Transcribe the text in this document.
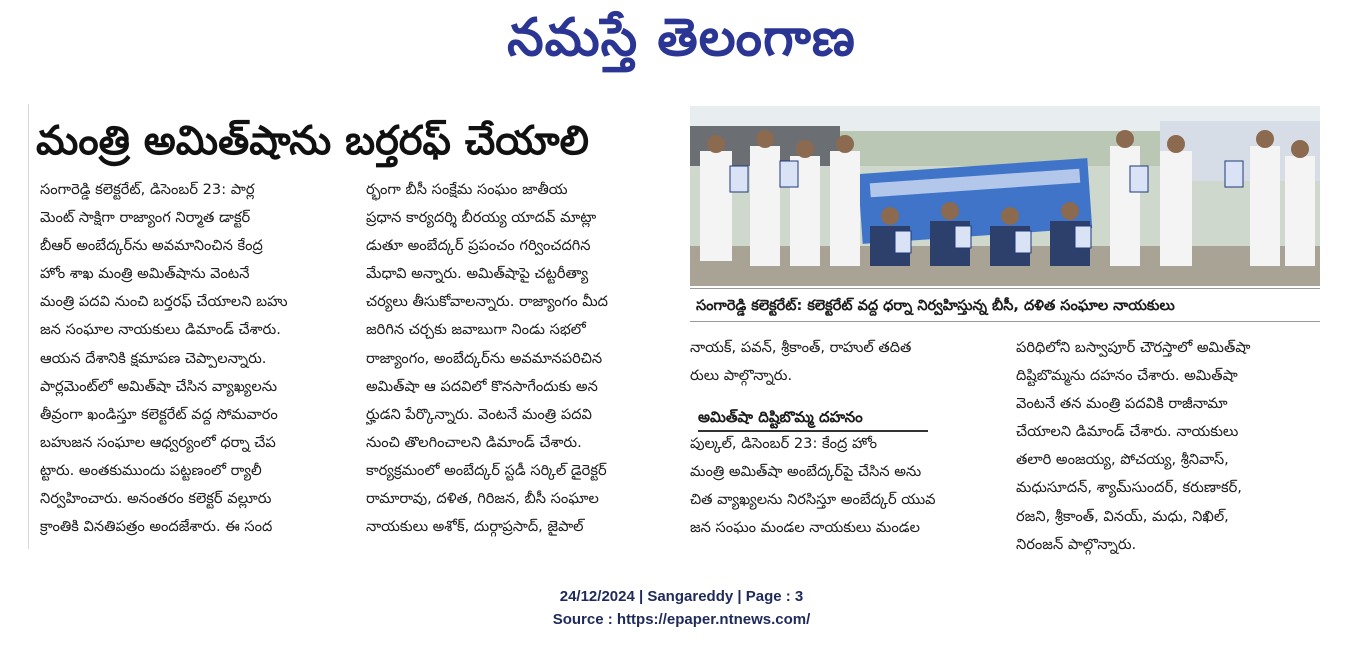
నమస్తే తెలంగాణ
మంత్రి అమిత్‌షాను బర్తరఫ్ చేయాలి

సంగారెడ్డి కలెక్టరేట్, డిసెంబర్ 23: పార్ల

మెంట్ సాక్షిగా రాజ్యాంగ నిర్మాత డాక్టర్

బీఆర్ అంబేద్కర్‌ను అవమానించిన కేంద్ర

హోం శాఖ మంత్రి అమిత్‌షాను వెంటనే

మంత్రి పదవి నుంచి బర్తరఫ్ చేయాలని బహు

జన సంఘాల నాయకులు డిమాండ్ చేశారు.

ఆయన దేశానికి క్షమాపణ చెప్పాలన్నారు.

పార్లమెంట్‌లో అమిత్‌షా చేసిన వ్యాఖ్యలను

తీవ్రంగా ఖండిస్తూ కలెక్టరేట్ వద్ద సోమవారం

బహుజన సంఘాల ఆధ్వర్యంలో ధర్నా చేప

ట్టారు. అంతకుముందు పట్టణంలో ర్యాలీ

నిర్వహించారు. అనంతరం కలెక్టర్ వల్లూరు

క్రాంతికి వినతిపత్రం అందజేశారు. ఈ సంద

ర్భంగా బీసీ సంక్షేమ సంఘం జాతీయ

ప్రధాన కార్యదర్శి బీరయ్య యాదవ్ మాట్లా

డుతూ అంబేద్కర్ ప్రపంచం గర్వించదగిన

మేధావి అన్నారు. అమిత్‌షాపై చట్టరీత్యా

చర్యలు తీసుకోవాలన్నారు. రాజ్యాంగం మీద

జరిగిన చర్చకు జవాబుగా నిండు సభలో

రాజ్యాంగం, అంబేద్కర్‌ను అవమానపరిచిన

అమిత్‌షా ఆ పదవిలో కొనసాగేందుకు అన

ర్హుడని పేర్కొన్నారు. వెంటనే మంత్రి పదవి

నుంచి తొలగించాలని డిమాండ్ చేశారు.

కార్యక్రమంలో అంబేద్కర్ స్టడీ సర్కిల్ డైరెక్టర్

రామారావు, దళిత, గిరిజన, బీసీ సంఘాల

నాయకులు అశోక్, దుర్గాప్రసాద్, జైపాల్

సంగారెడ్డి కలెక్టరేట్: కలెక్టరేట్ వద్ద ధర్నా నిర్వహిస్తున్న బీసీ, దళిత సంఘాల నాయకులు

నాయక్, పవన్, శ్రీకాంత్, రాహుల్ తదిత

రులు పాల్గొన్నారు.

అమిత్‌షా దిష్టిబొమ్మ దహనం

పుల్కల్, డిసెంబర్ 23: కేంద్ర హోం

మంత్రి అమిత్‌షా అంబేద్కర్‌పై చేసిన అను

చిత వ్యాఖ్యలను నిరసిస్తూ అంబేద్కర్ యువ

జన సంఘం మండల నాయకులు మండల

పరిధిలోని బస్వాపూర్ చౌరస్తాలో అమిత్‌షా

దిష్టిబొమ్మను దహనం చేశారు. అమిత్‌షా

వెంటనే తన మంత్రి పదవికి రాజీనామా

చేయాలని డిమాండ్ చేశారు. నాయకులు

తలారి అంజయ్య, పోచయ్య, శ్రీనివాస్,

మధుసూదన్, శ్యామ్‌సుందర్, కరుణాకర్,

రజని, శ్రీకాంత్, వినయ్, మధు, నిఖిల్,

నిరంజన్ పాల్గొన్నారు.

24/12/2024 | Sangareddy | Page : 3
Source : https://epaper.ntnews.com/
